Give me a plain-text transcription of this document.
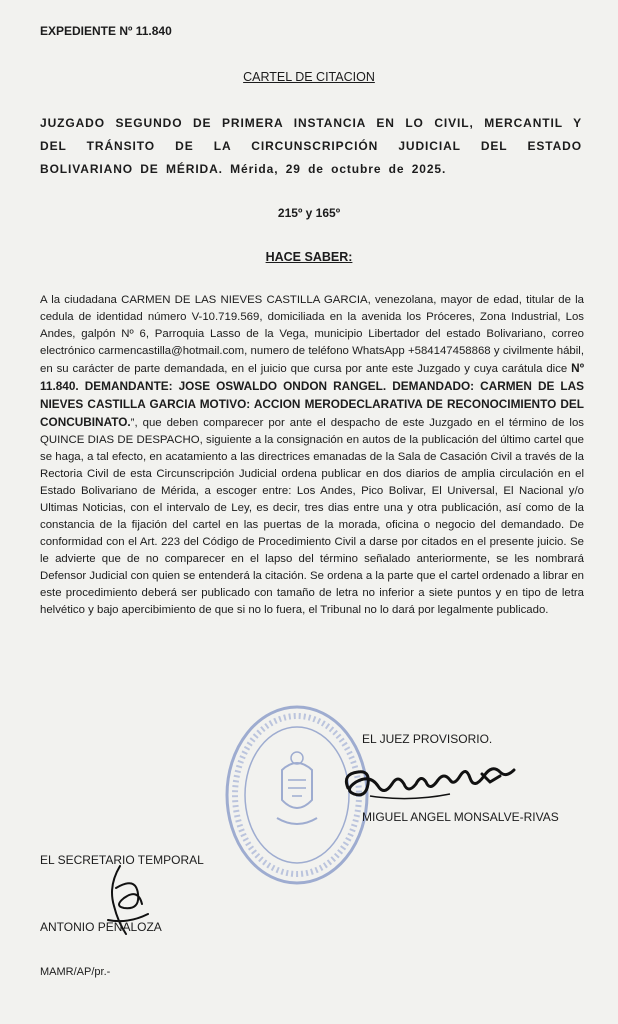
EXPEDIENTE Nº 11.840
CARTEL DE CITACION
JUZGADO SEGUNDO DE PRIMERA INSTANCIA EN LO CIVIL, MERCANTIL Y DEL TRÁNSITO DE LA CIRCUNSCRIPCIÓN JUDICIAL DEL ESTADO BOLIVARIANO DE MÉRIDA. Mérida, 29 de octubre de 2025.
215º y 165º
HACE SABER:
A la ciudadana CARMEN DE LAS NIEVES CASTILLA GARCIA, venezolana, mayor de edad, titular de la cedula de identidad número V-10.719.569, domiciliada en la avenida los Próceres, Zona Industrial, Los Andes, galpón Nº 6, Parroquia Lasso de la Vega, municipio Libertador del estado Bolivariano, correo electrónico carmencastilla@hotmail.com, numero de teléfono WhatsApp +584147458868 y civilmente hábil, en su carácter de parte demandada, en el juicio que cursa por ante este Juzgado y cuya carátula dice Nº 11.840. DEMANDANTE: JOSE OSWALDO ONDON RANGEL. DEMANDADO: CARMEN DE LAS NIEVES CASTILLA GARCIA MOTIVO: ACCION MERODECLARATIVA DE RECONOCIMIENTO DEL CONCUBINATO.”, que deben comparecer por ante el despacho de este Juzgado en el término de los QUINCE DIAS DE DESPACHO, siguiente a la consignación en autos de la publicación del último cartel que se haga, a tal efecto, en acatamiento a las directrices emanadas de la Sala de Casación Civil a través de la Rectoria Civil de esta Circunscripción Judicial ordena publicar en dos diarios de amplia circulación en el Estado Bolivariano de Mérida, a escoger entre: Los Andes, Pico Bolivar, El Universal, El Nacional y/o Ultimas Noticias, con el intervalo de Ley, es decir, tres dias entre una y otra publicación, así como de la constancia de la fijación del cartel en las puertas de la morada, oficina o negocio del demandado. De conformidad con el Art. 223 del Código de Procedimiento Civil a darse por citados en el presente juicio. Se le advierte que de no comparecer en el lapso del término señalado anteriormente, se les nombrará Defensor Judicial con quien se entenderá la citación. Se ordena a la parte que el cartel ordenado a librar en este procedimiento deberá ser publicado con tamaño de letra no inferior a siete puntos y en tipo de letra helvético y bajo apercibimiento de que si no lo fuera, el Tribunal no lo dará por legalmente publicado.
EL JUEZ PROVISORIO.
MIGUEL ANGEL MONSALVE-RIVAS
EL SECRETARIO TEMPORAL
ANTONIO PEÑALOZA
MAMR/AP/pr.-
